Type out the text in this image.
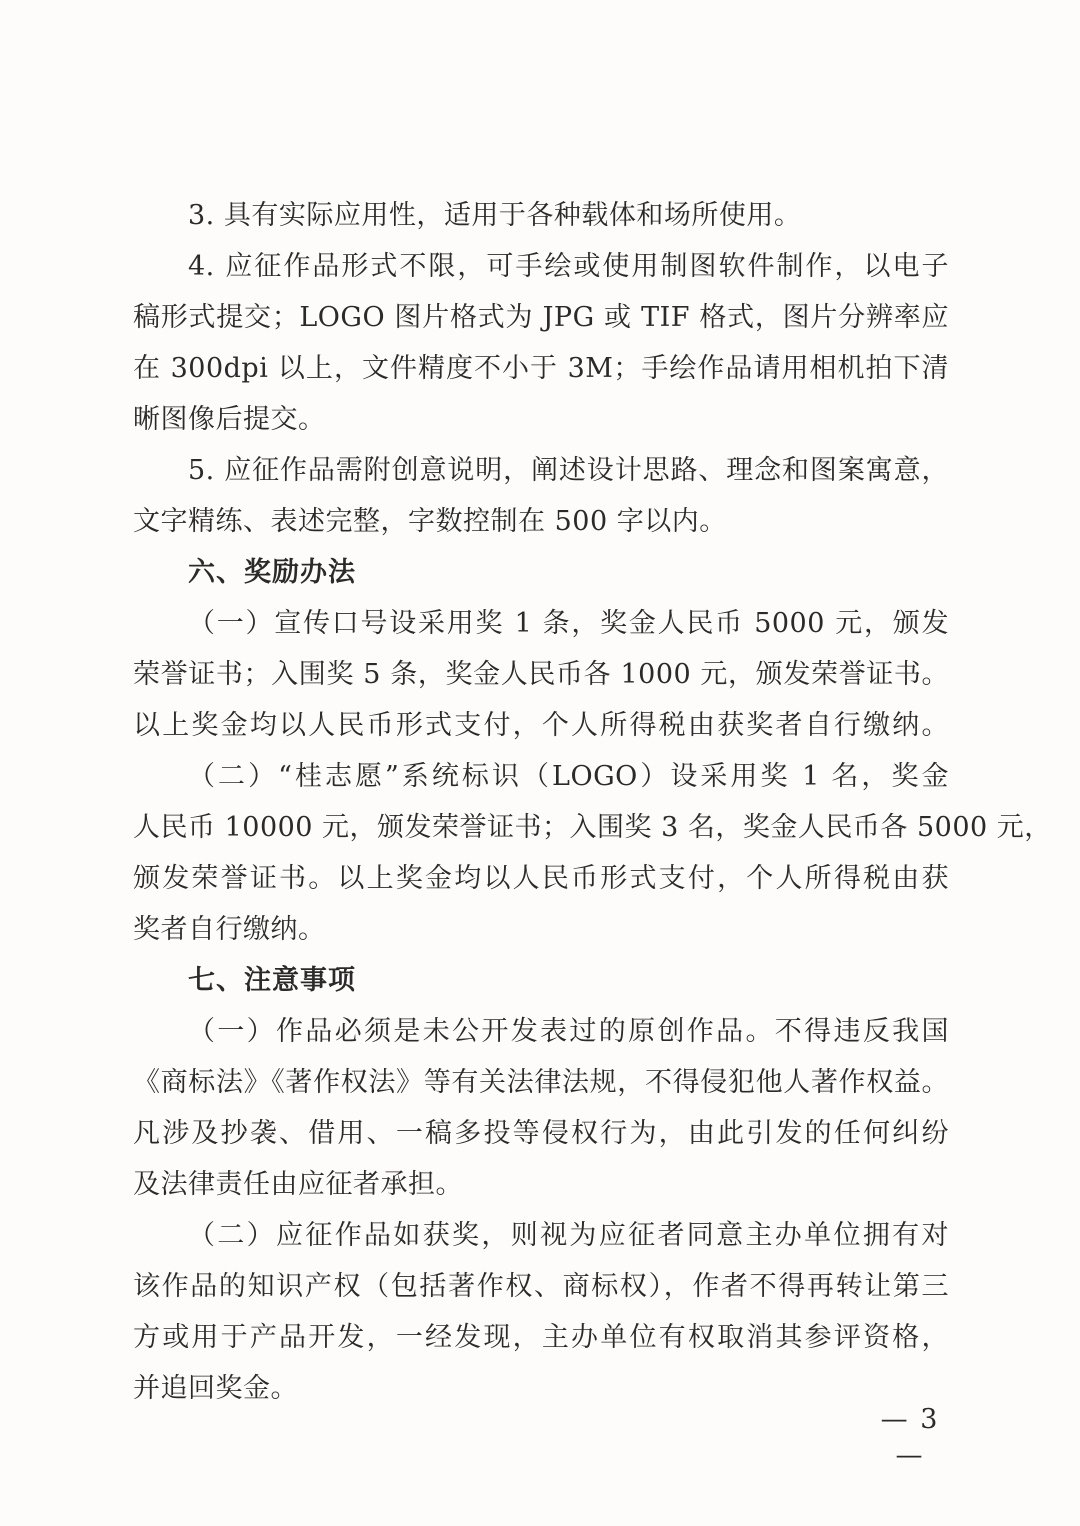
3. 具有实际应用性，适用于各种载体和场所使用。
4. 应征作品形式不限，可手绘或使用制图软件制作，以电子
稿形式提交；LOGO 图片格式为 JPG 或 TIF 格式，图片分辨率应
在 300dpi 以上，文件精度不小于 3M；手绘作品请用相机拍下清
晰图像后提交。
5. 应征作品需附创意说明，阐述设计思路、理念和图案寓意，
文字精练、表述完整，字数控制在 500 字以内。
六、奖励办法
（一）宣传口号设采用奖 1 条，奖金人民币 5000 元，颁发
荣誉证书；入围奖 5 条，奖金人民币各 1000 元，颁发荣誉证书。
以上奖金均以人民币形式支付，个人所得税由获奖者自行缴纳。
（二）“桂志愿”系统标识（LOGO）设采用奖 1 名，奖金
人民币 10000 元，颁发荣誉证书；入围奖 3 名，奖金人民币各 5000 元，
颁发荣誉证书。以上奖金均以人民币形式支付，个人所得税由获
奖者自行缴纳。
七、注意事项
（一）作品必须是未公开发表过的原创作品。不得违反我国
《商标法》《著作权法》等有关法律法规，不得侵犯他人著作权益。
凡涉及抄袭、借用、一稿多投等侵权行为，由此引发的任何纠纷
及法律责任由应征者承担。
（二）应征作品如获奖，则视为应征者同意主办单位拥有对
该作品的知识产权（包括著作权、商标权），作者不得再转让第三
方或用于产品开发，一经发现，主办单位有权取消其参评资格，
并追回奖金。
— 3 —
